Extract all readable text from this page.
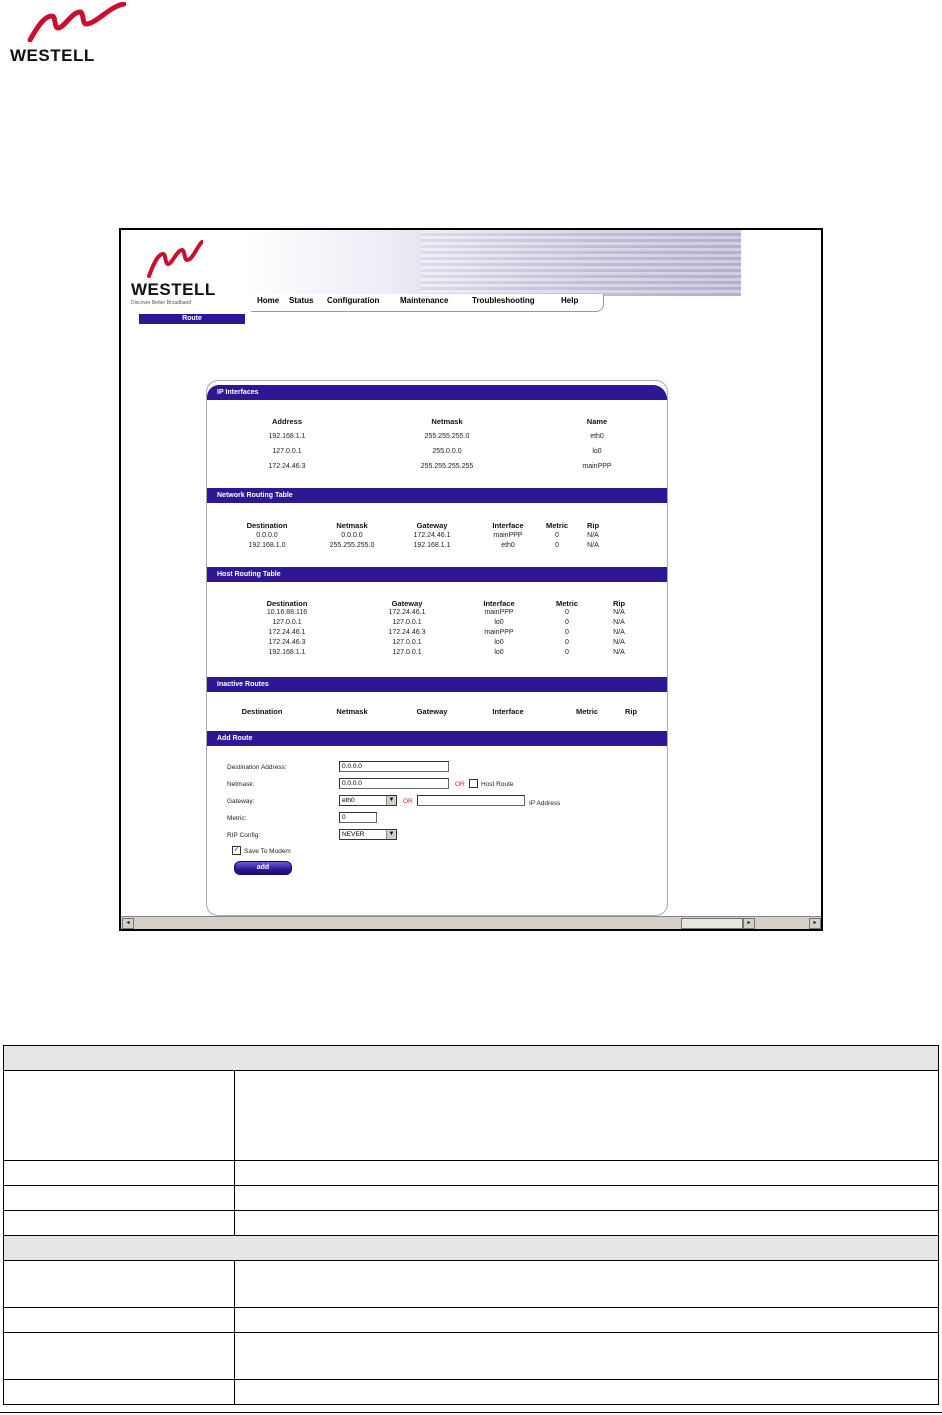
WESTELL
WESTELL
Discover Better Broadband	Home Status Configuration	Maintenance	Troubleshooting	Help
Route
IP Interfaces
Address	Netmask	Name
192.168.1.1	255.255.255.0	eth0
127.0.0.1	255.0.0.0	lo0
172.24.46.3	255.255.255.255	mainPPP
Network Routing Table
Destination	Netmask	Gateway	Interface	Metric	Rip
0.0.0.0	0.0.0.0	172.24.46.1	mainPPP	0	N/A
192.168.1.0	255.255.255.0	192.168.1.1	eth0	0	N/A
Host Routing Table
Destination	Gateway	Interface	Metric	Rip
10.16.88.116	172.24.46.1	mainPPP	0	N/A
127.0.0.1	127.0.0.1	lo0	0	N/A
172.24.46.1	172.24.46.3	mainPPP	0	N/A
172.24.46.3	127.0.0.1	lo0	0	N/A
192.168.1.1	127.0.0.1	lo0	0	N/A
Inactive Routes
Destination	Netmask	Gateway	Interface	Metric	Rip
Add Route
Destination Address:
0.0.0.0
Netmask:
0.0.0.0	OR	Host Route
Gateway:	eth0	▼ OR	IP Address
Metric:
0
RIP Config:	NEVER	▼
✓ Save To Modem
add
◂	▸	▸
